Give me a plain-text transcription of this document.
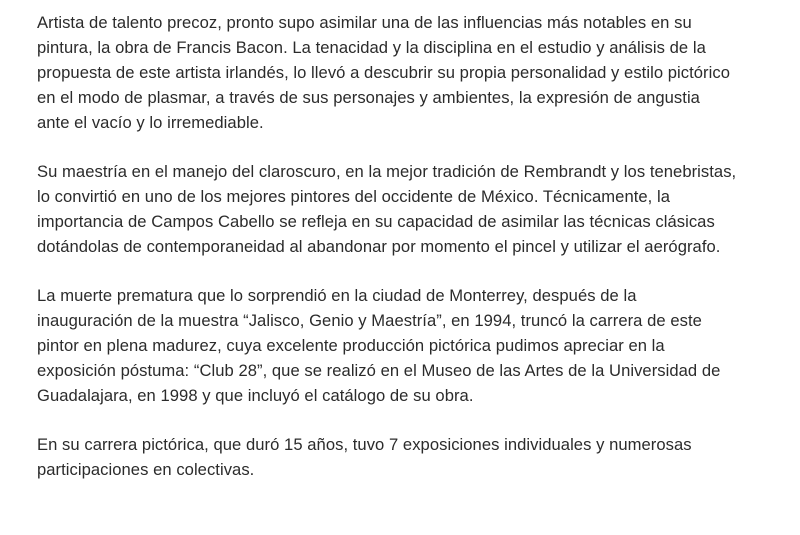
Artista de talento precoz, pronto supo asimilar una de las influencias más notables en su
pintura, la obra de Francis Bacon. La tenacidad y la disciplina en el estudio y análisis de la
propuesta de este artista irlandés, lo llevó a descubrir su propia personalidad y estilo pictórico
en el modo de plasmar, a través de sus personajes y ambientes, la expresión de angustia
ante el vacío y lo irremediable.

Su maestría en el manejo del claroscuro, en la mejor tradición de Rembrandt y los tenebristas,
lo convirtió en uno de los mejores pintores del occidente de México. Técnicamente, la
importancia de Campos Cabello se refleja en su capacidad de asimilar las técnicas clásicas
dotándolas de contemporaneidad al abandonar por momento el pincel y utilizar el aerógrafo.

La muerte prematura que lo sorprendió en la ciudad de Monterrey, después de la
inauguración de la muestra “Jalisco, Genio y Maestría”, en 1994, truncó la carrera de este
pintor en plena madurez, cuya excelente producción pictórica pudimos apreciar en la
exposición póstuma: “Club 28”, que se realizó en el Museo de las Artes de la Universidad de
Guadalajara, en 1998 y que incluyó el catálogo de su obra.

En su carrera pictórica, que duró 15 años, tuvo 7 exposiciones individuales y numerosas
participaciones en colectivas.
